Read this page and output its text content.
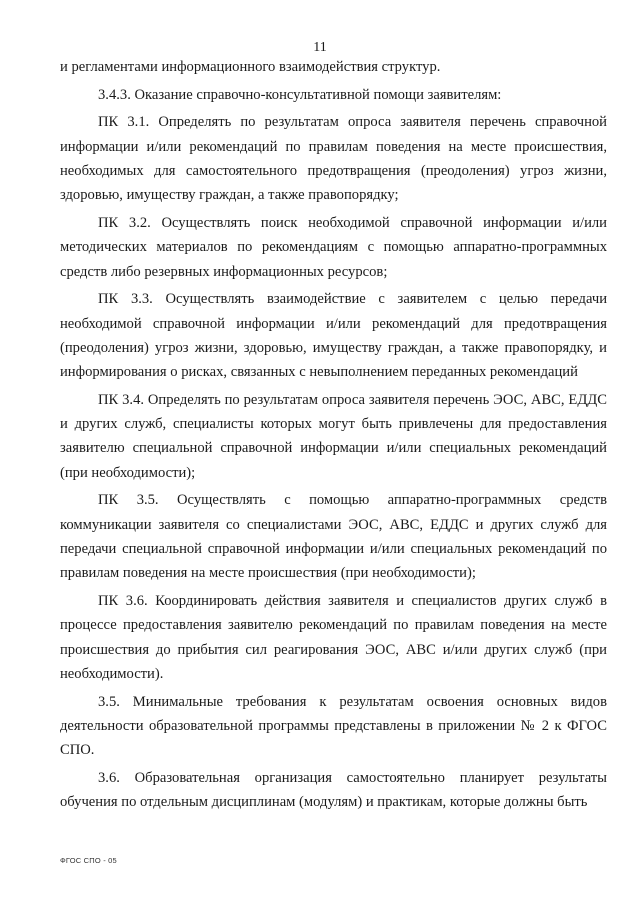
11

и регламентами информационного взаимодействия структур.

3.4.3. Оказание справочно-консультативной помощи заявителям:

ПК 3.1. Определять по результатам опроса заявителя перечень справочной информации и/или рекомендаций по правилам поведения на месте происшествия, необходимых для самостоятельного предотвращения (преодоления) угроз жизни, здоровью, имуществу граждан, а также правопорядку;

ПК 3.2. Осуществлять поиск необходимой справочной информации и/или методических материалов по рекомендациям с помощью аппаратно-программных средств либо резервных информационных ресурсов;

ПК 3.3. Осуществлять взаимодействие с заявителем с целью передачи необходимой справочной информации и/или рекомендаций для предотвращения (преодоления) угроз жизни, здоровью, имуществу граждан, а также правопорядку, и информирования о рисках, связанных с невыполнением переданных рекомендаций

ПК 3.4. Определять по результатам опроса заявителя перечень ЭОС, АВС, ЕДДС и других служб, специалисты которых могут быть привлечены для предоставления заявителю специальной справочной информации и/или специальных рекомендаций (при необходимости);

ПК 3.5. Осуществлять с помощью аппаратно-программных средств коммуникации заявителя со специалистами ЭОС, АВС, ЕДДС и других служб для передачи специальной справочной информации и/или специальных рекомендаций по правилам поведения на месте происшествия (при необходимости);

ПК 3.6. Координировать действия заявителя и специалистов других служб в процессе предоставления заявителю рекомендаций по правилам поведения на месте происшествия до прибытия сил реагирования ЭОС, АВС и/или других служб (при необходимости).

3.5. Минимальные требования к результатам освоения основных видов деятельности образовательной программы представлены в приложении № 2 к ФГОС СПО.

3.6. Образовательная организация самостоятельно планирует результаты обучения по отдельным дисциплинам (модулям) и практикам, которые должны быть

ФГОС СПО - 05
